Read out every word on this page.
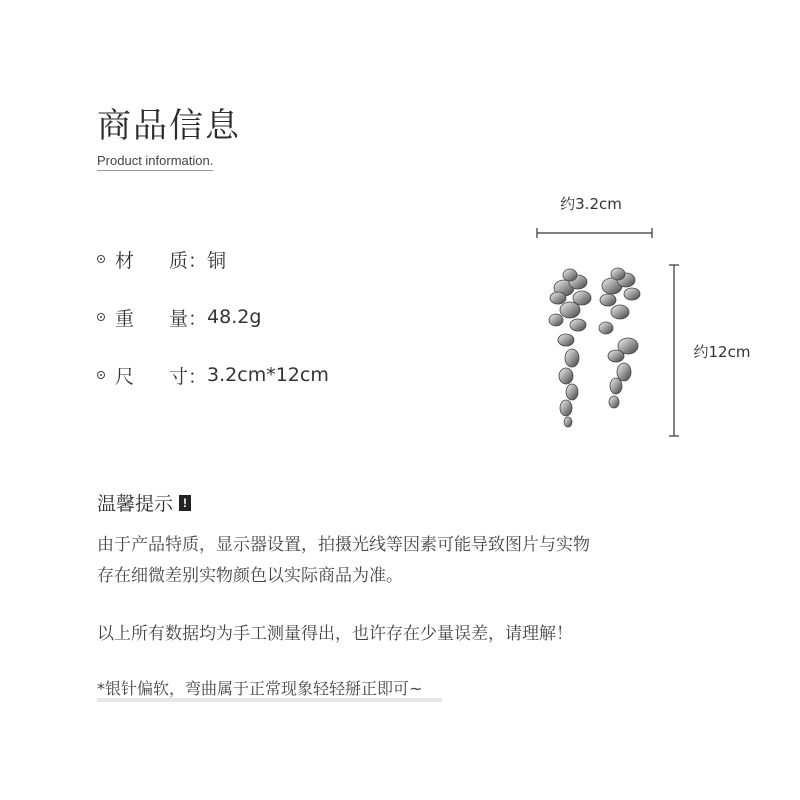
商品信息
Product information.
材	质 ： 铜
重	量 ： 48.2g
尺	寸 ： 3.2cm*12cm
约3.2cm
约12cm
温馨提示 !
由于产品特质，显示器设置，拍摄光线等因素可能导致图片与实物
存在细微差别实物颜色以实际商品为准。
以上所有数据均为手工测量得出，也许存在少量误差，请理解！
*银针偏软，弯曲属于正常现象轻轻掰正即可~
